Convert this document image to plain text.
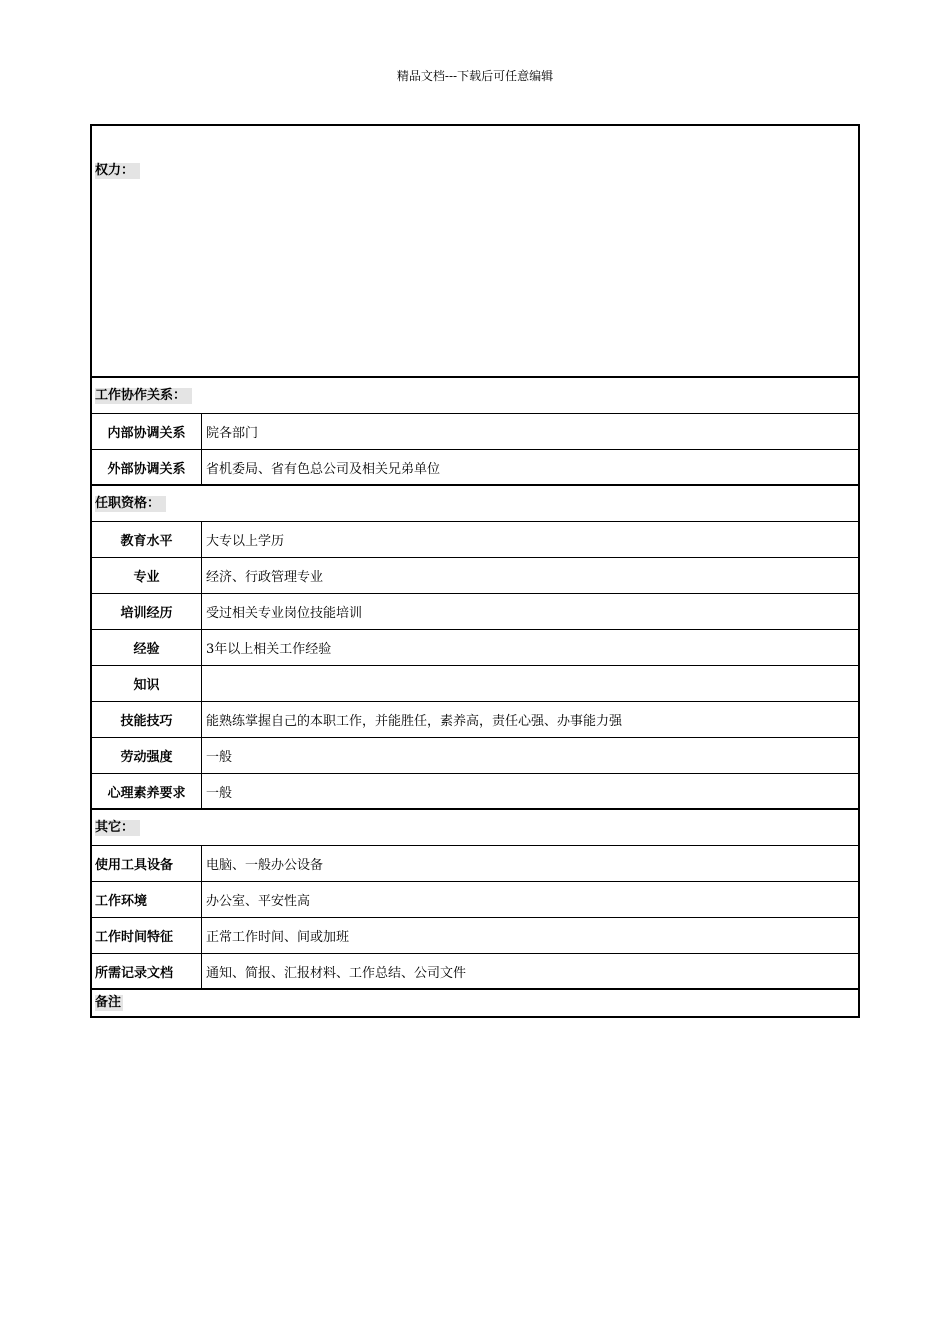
精品文档---下载后可任意编辑
权力：
工作协作关系：
内部协调关系	院各部门
外部协调关系	省机委局、省有色总公司及相关兄弟单位
任职资格：
教育水平	大专以上学历
专业	经济、行政管理专业
培训经历	受过相关专业岗位技能培训
经验	3年以上相关工作经验
知识
技能技巧	能熟练掌握自己的本职工作，并能胜任，素养高，责任心强、办事能力强
劳动强度	一般
心理素养要求	一般
其它：
使用工具设备	电脑、一般办公设备
工作环境	办公室、平安性高
工作时间特征	正常工作时间、间或加班
所需记录文档	通知、简报、汇报材料、工作总结、公司文件
备注
